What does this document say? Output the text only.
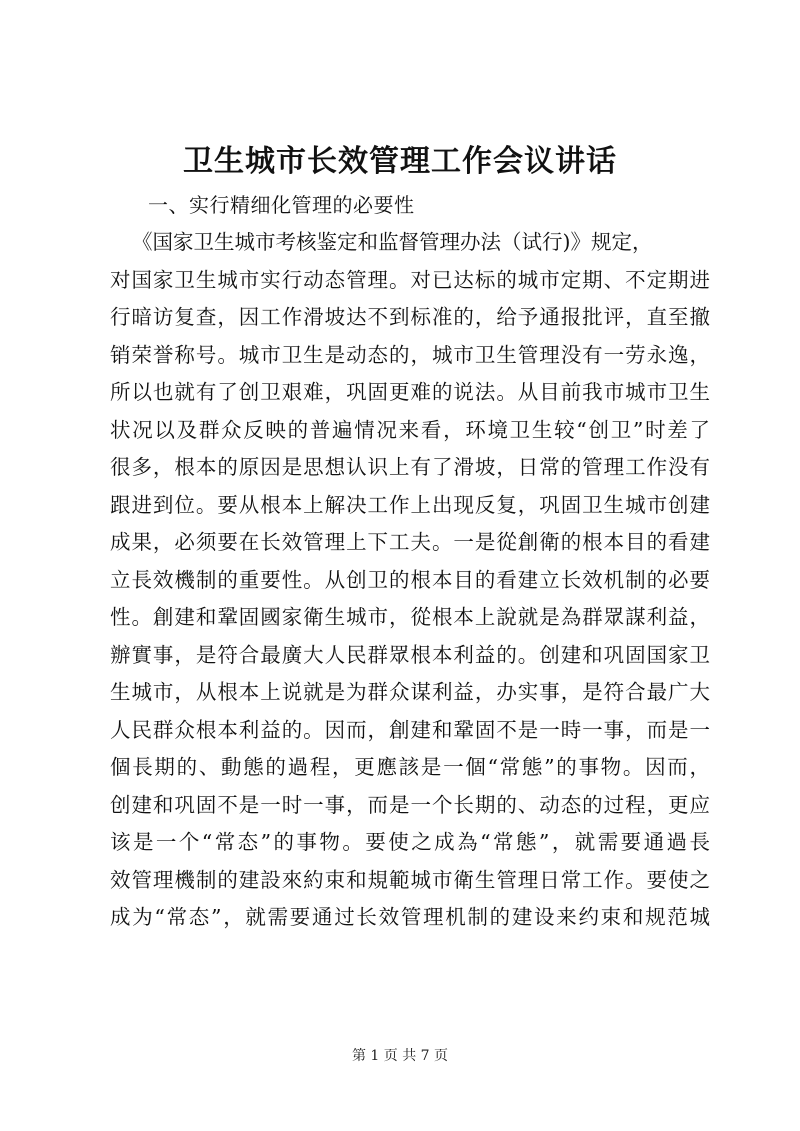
卫生城市长效管理工作会议讲话

一、实行精细化管理的必要性

《国家卫生城市考核鉴定和监督管理办法（试行)》规定，
对国家卫生城市实行动态管理。对已达标的城市定期、不定期进
行暗访复查，因工作滑坡达不到标准的，给予通报批评，直至撤
销荣誉称号。城市卫生是动态的，城市卫生管理没有一劳永逸，
所以也就有了创卫艰难，巩固更难的说法。从目前我市城市卫生
状况以及群众反映的普遍情况来看，环境卫生较“创卫”时差了
很多，根本的原因是思想认识上有了滑坡，日常的管理工作没有
跟进到位。要从根本上解决工作上出现反复，巩固卫生城市创建
成果，必须要在长效管理上下工夫。一是從創衛的根本目的看建
立長效機制的重要性。从创卫的根本目的看建立长效机制的必要
性。創建和鞏固國家衛生城市，從根本上說就是為群眾謀利益，
辦實事，是符合最廣大人民群眾根本利益的。创建和巩固国家卫
生城市，从根本上说就是为群众谋利益，办实事，是符合最广大
人民群众根本利益的。因而，創建和鞏固不是一時一事，而是一
個長期的、動態的過程，更應該是一個“常態”的事物。因而，
创建和巩固不是一时一事，而是一个长期的、动态的过程，更应
该是一个“常态”的事物。要使之成為“常態”，就需要通過長
效管理機制的建設來約束和規範城市衛生管理日常工作。要使之
成为“常态”，就需要通过长效管理机制的建设来约束和规范城
第 1 页 共 7 页
